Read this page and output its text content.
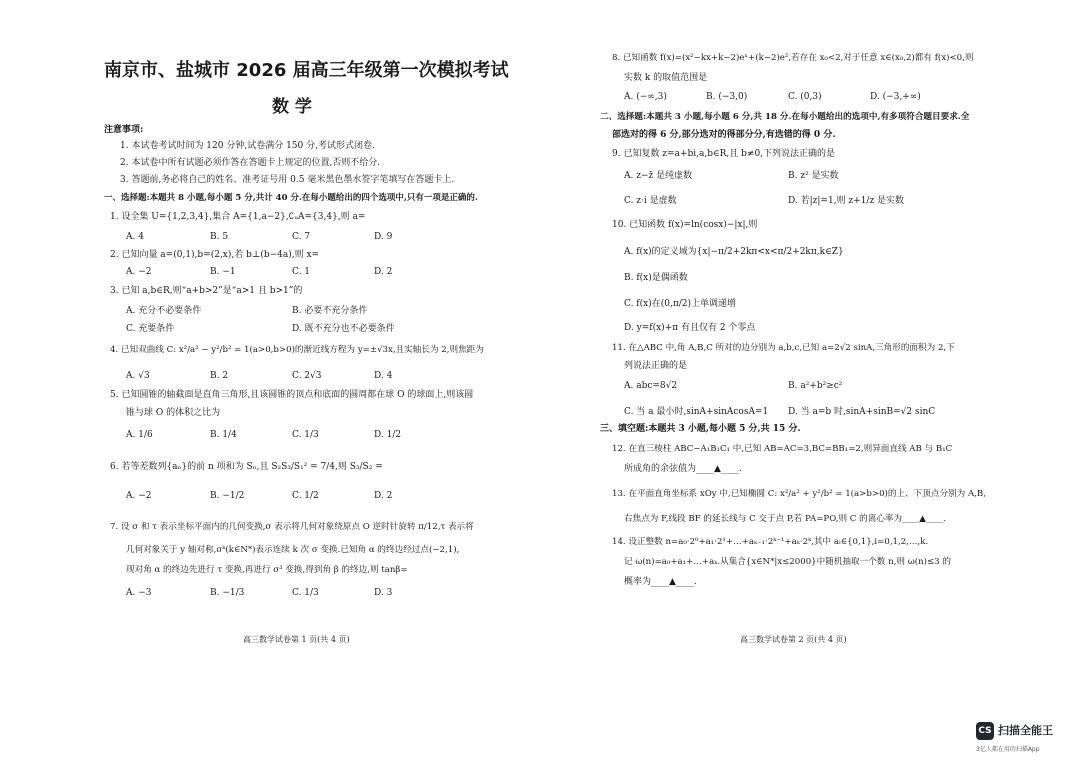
南京市、盐城市 2026 届高三年级第一次模拟考试
数 学
注意事项:
1. 本试卷考试时间为 120 分钟,试卷满分 150 分,考试形式闭卷.
2. 本试卷中所有试题必须作答在答题卡上规定的位置,否则不给分.
3. 答题前,务必将自己的姓名、准考证号用 0.5 毫米黑色墨水签字笔填写在答题卡上.
一、选择题:本题共 8 小题,每小题 5 分,共计 40 分.在每小题给出的四个选项中,只有一项是正确的.
1. 设全集 U={1,2,3,4},集合 A={1,a−2},∁ᵤA={3,4},则 a=
A. 4	B. 5	C. 7	D. 9
2. 已知向量 a=(0,1),b=(2,x),若 b⊥(b−4a),则 x=
A. −2	B. −1	C. 1	D. 2
3. 已知 a,b∈R,则“a+b>2”是“a>1 且 b>1”的
A. 充分不必要条件	B. 必要不充分条件
C. 充要条件	D. 既不充分也不必要条件
4. 已知双曲线 C: x²/a² − y²/b² = 1(a>0,b>0)的渐近线方程为 y=±√3x,且实轴长为 2,则焦距为
A. √3	B. 2	C. 2√3	D. 4
5. 已知圆锥的轴截面是直角三角形,且该圆锥的顶点和底面的圆周都在球 O 的球面上,则该圆
锥与球 O 的体积之比为
A. 1/6	B. 1/4	C. 1/3	D. 1/2
6. 若等差数列{aₙ}的前 n 项和为 Sₙ,且 S₂S₃/S₁² = 7/4,则 S₃/S₂ =
A. −2	B. −1/2	C. 1/2	D. 2
7. 设 σ 和 τ 表示坐标平面内的几何变换,σ 表示将几何对象绕原点 O 逆时针旋转 π/12,τ 表示将
几何对象关于 y 轴对称,σᵏ(k∈N*)表示连续 k 次 σ 变换.已知角 α 的终边经过点(−2,1),
现对角 α 的终边先进行 τ 变换,再进行 σ³ 变换,得到角 β 的终边,则 tanβ=
A. −3	B. −1/3	C. 1/3	D. 3
高三数学试卷第 1 页(共 4 页)
8. 已知函数 f(x)=(x²−kx+k−2)eˣ+(k−2)e²,若存在 x₀<2,对于任意 x∈(x₀,2)都有 f(x)<0,则
实数 k 的取值范围是
A. (−∞,3)	B. (−3,0)	C. (0,3)	D. (−3,+∞)
二、选择题:本题共 3 小题,每小题 6 分,共 18 分.在每小题给出的选项中,有多项符合题目要求.全
部选对的得 6 分,部分选对的得部分分,有选错的得 0 分.
9. 已知复数 z=a+bi,a,b∈R,且 b≠0,下列说法正确的是
A. z−z̄ 是纯虚数	B. z² 是实数
C. z·i 是虚数	D. 若|z|=1,则 z+1/z 是实数
10. 已知函数 f(x)=ln(cosx)−|x|,则
A. f(x)的定义域为{x|−π/2+2kπ<x<π/2+2kπ,k∈Z}
B. f(x)是偶函数
C. f(x)在(0,π/2)上单调递增
D. y=f(x)+π 有且仅有 2 个零点
11. 在△ABC 中,角 A,B,C 所对的边分别为 a,b,c,已知 a=2√2 sinA,三角形的面积为 2,下
列说法正确的是
A. abc=8√2	B. a²+b²≥c²
C. 当 a 最小时,sinA+sinAcosA=1 D. 当 a=b 时,sinA+sinB=√2 sinC
三、填空题:本题共 3 小题,每小题 5 分,共 15 分.
12. 在直三棱柱 ABC−A₁B₁C₁ 中,已知 AB=AC=3,BC=BB₁=2,则异面直线 AB 与 B₁C
所成角的余弦值为____▲____.
13. 在平面直角坐标系 xOy 中,已知椭圆 C: x²/a² + y²/b² = 1(a>b>0)的上、下顶点分别为 A,B,
右焦点为 F,线段 BF 的延长线与 C 交于点 P,若 PA=PO,则 C 的离心率为____▲____.
14. 设正整数 n=a₀·2⁰+a₁·2¹+…+aₖ₋₁·2ᵏ⁻¹+aₖ·2ᵏ,其中 aᵢ∈{0,1},i=0,1,2,…,k.
记 ω(n)=a₀+a₁+…+aₖ.从集合{x∈N*|x≤2000}中随机抽取一个数 n,则 ω(n)≤3 的
概率为____▲____.
高三数学试卷第 2 页(共 4 页)
CS 扫描全能王
3亿人都在用的扫描App
